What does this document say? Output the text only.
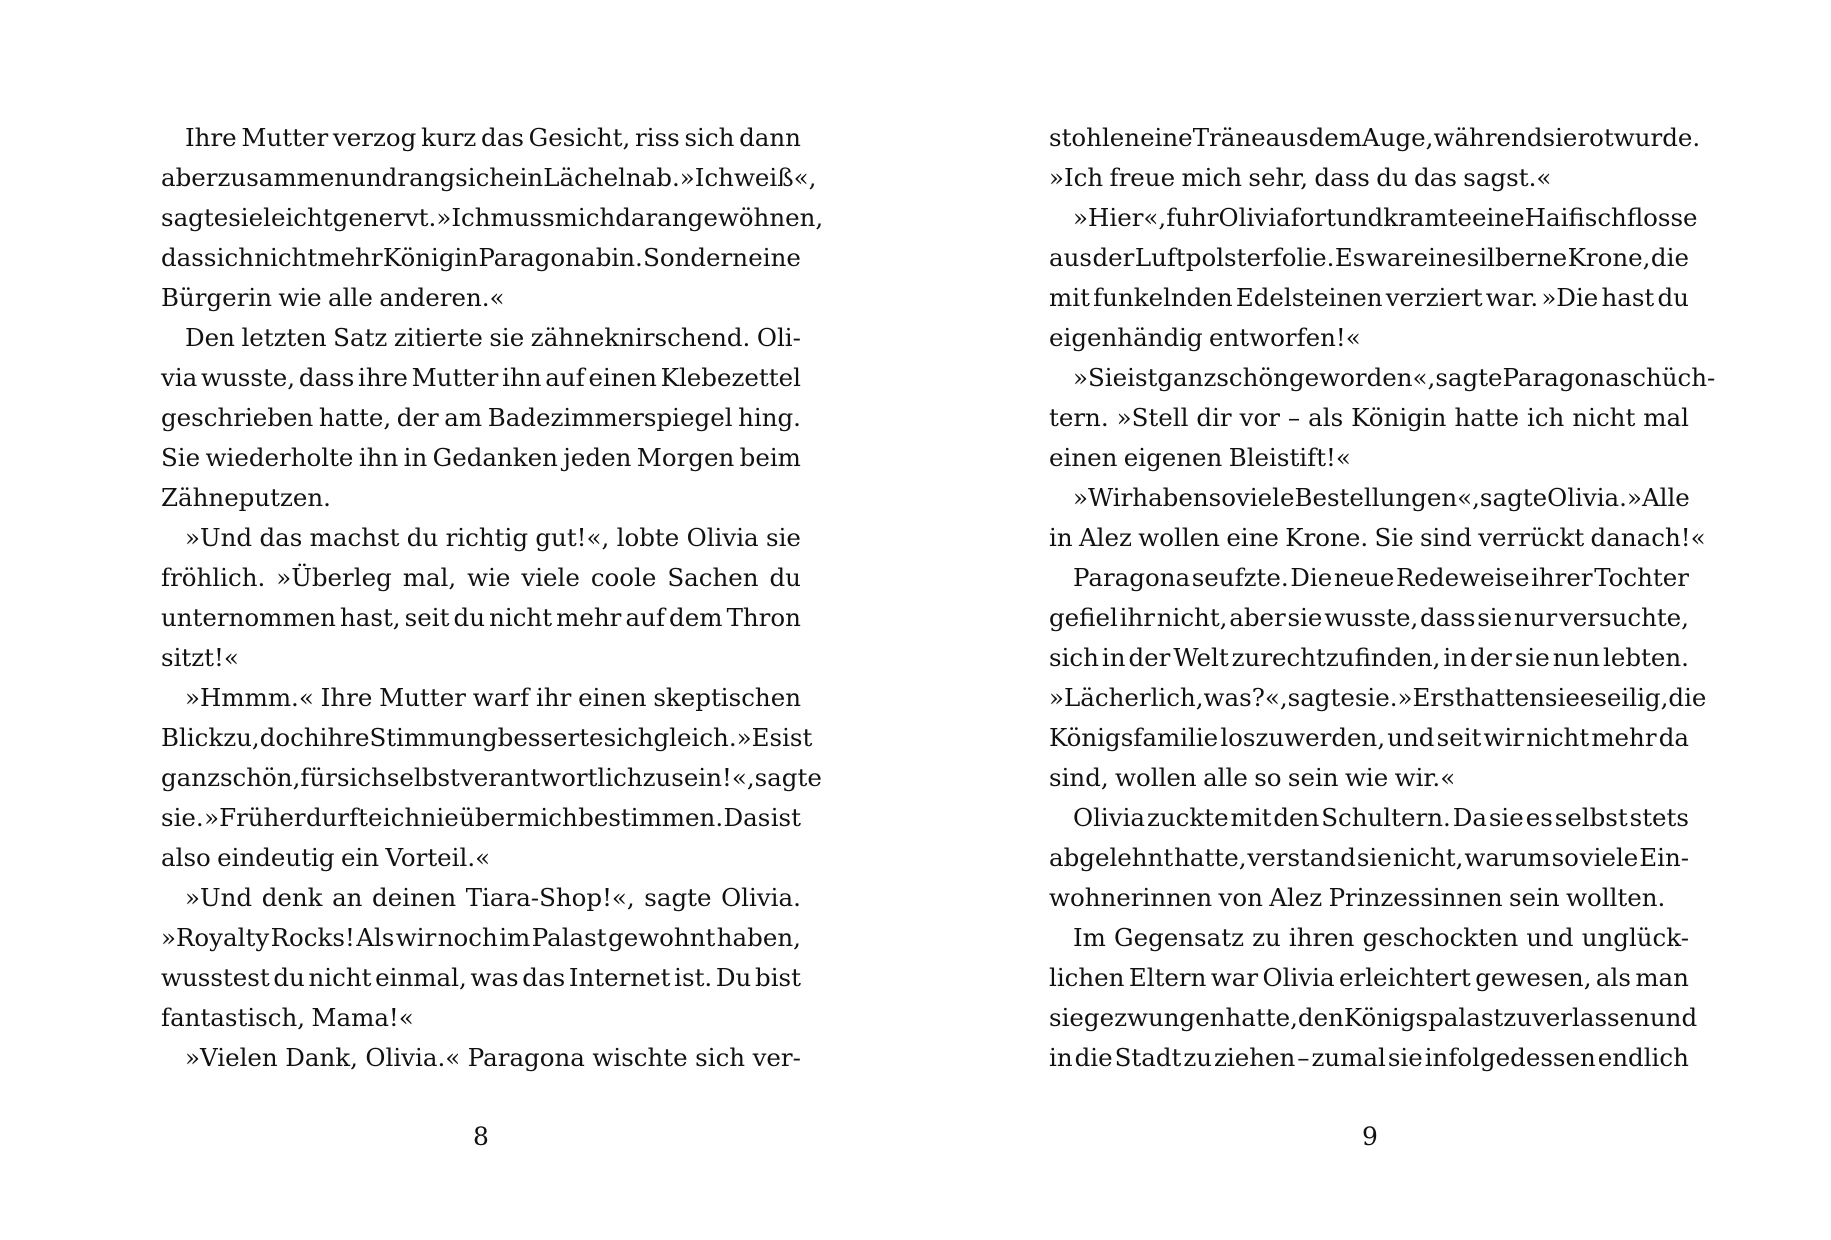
Ihre Mutter verzog kurz das Gesicht, riss sich dann
aber zusammen und rang sich ein Lächeln ab. »Ich weiß«,
sagte sie leicht genervt. »Ich muss mich daran gewöhnen,
dass ich nicht mehr Königin Paragona bin. Sondern eine
Bürgerin wie alle anderen.«
Den letzten Satz zitierte sie zähneknirschend. Oli-
via wusste, dass ihre Mutter ihn auf einen Klebezettel
geschrieben hatte, der am Badezimmerspiegel hing.
Sie wiederholte ihn in Gedanken jeden Morgen beim
Zähneputzen.
»Und das machst du richtig gut!«, lobte Olivia sie
fröhlich. »Überleg mal, wie viele coole Sachen du
unternommen hast, seit du nicht mehr auf dem Thron
sitzt!«
»Hmmm.« Ihre Mutter warf ihr einen skeptischen
Blick zu, doch ihre Stimmung besserte sich gleich. »Es ist
ganz schön, für sich selbst verantwortlich zu sein!«, sagte
sie. »Früher durfte ich nie über mich bestimmen. Das ist
also eindeutig ein Vorteil.«
»Und denk an deinen Tiara-Shop!«, sagte Olivia.
»Royalty Rocks! Als wir noch im Palast gewohnt haben,
wusstest du nicht einmal, was das Internet ist. Du bist
fantastisch, Mama!«
»Vielen Dank, Olivia.« Paragona wischte sich ver-
stohlen eine Träne aus dem Auge, während sie rot wurde.
»Ich freue mich sehr, dass du das sagst.«
»Hier«, fuhr Olivia fort und kramte eine Haifischflosse
aus der Luftpolsterfolie. Es war eine silberne Krone, die
mit funkelnden Edelsteinen verziert war. »Die hast du
eigenhändig entworfen!«
»Sie ist ganz schön geworden«, sagte Paragona schüch-
tern. »Stell dir vor – als Königin hatte ich nicht mal
einen eigenen Bleistift!«
»Wir haben so viele Bestellungen«, sagte Olivia. »Alle
in Alez wollen eine Krone. Sie sind verrückt danach!«
Paragona seufzte. Die neue Redeweise ihrer Tochter
gefiel ihr nicht, aber sie wusste, dass sie nur versuchte,
sich in der Welt zurechtzufinden, in der sie nun lebten.
»Lächerlich, was?«, sagte sie. »Erst hatten sie es eilig, die
Königsfamilie loszuwerden, und seit wir nicht mehr da
sind, wollen alle so sein wie wir.«
Olivia zuckte mit den Schultern. Da sie es selbst stets
abgelehnt hatte, verstand sie nicht, warum so viele Ein-
wohnerinnen von Alez Prinzessinnen sein wollten.
Im Gegensatz zu ihren geschockten und unglück-
lichen Eltern war Olivia erleichtert gewesen, als man
sie gezwungen hatte, den Königspalast zu verlassen und
in die Stadt zu ziehen – zumal sie infolgedessen endlich
8	9
